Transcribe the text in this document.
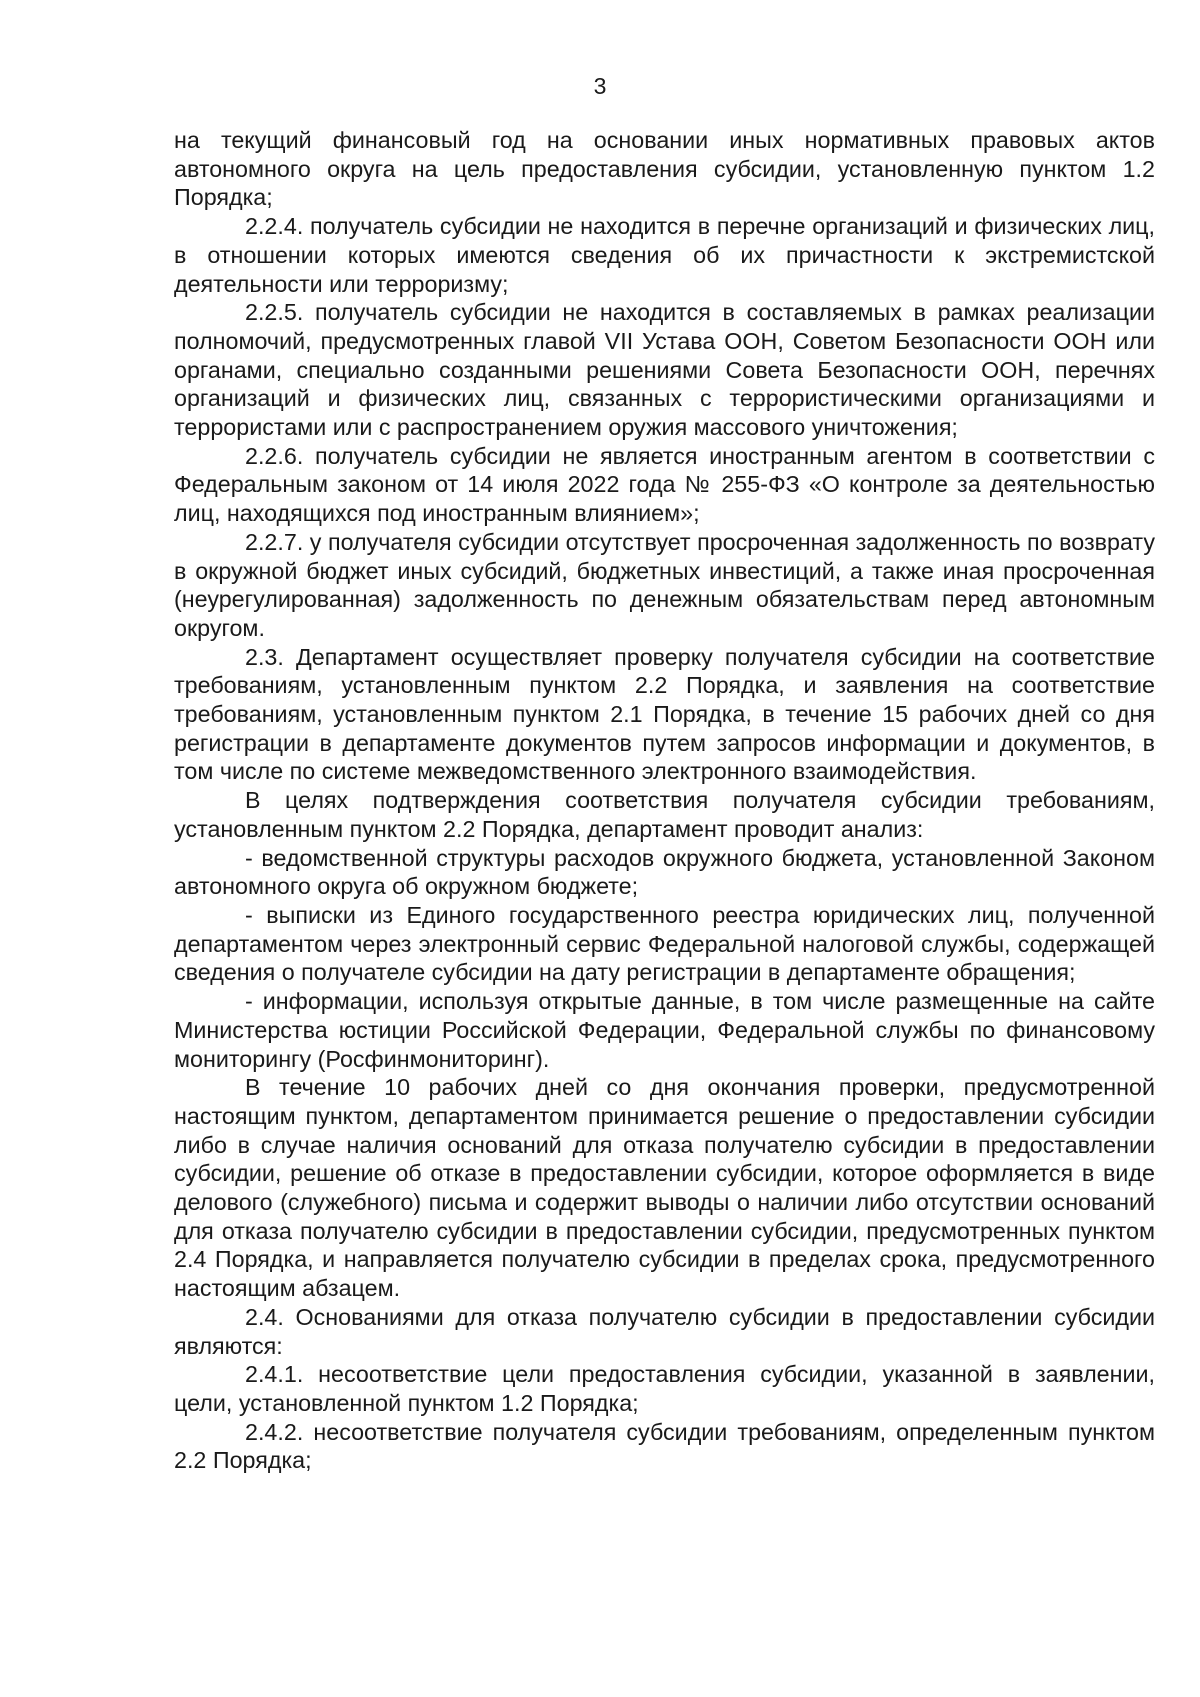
3

на текущий финансовый год на основании иных нормативных правовых актов автономного округа на цель предоставления субсидии, установленную пунктом 1.2 Порядка;

2.2.4. получатель субсидии не находится в перечне организаций и физических лиц, в отношении которых имеются сведения об их причастности к экстремистской деятельности или терроризму;

2.2.5. получатель субсидии не находится в составляемых в рамках реализации полномочий, предусмотренных главой VII Устава ООН, Советом Безопасности ООН или органами, специально созданными решениями Совета Безопасности ООН, перечнях организаций и физических лиц, связанных с террористическими организациями и террористами или с распространением оружия массового уничтожения;

2.2.6. получатель субсидии не является иностранным агентом в соответствии с Федеральным законом от 14 июля 2022 года № 255-ФЗ «О контроле за деятельностью лиц, находящихся под иностранным влиянием»;

2.2.7. у получателя субсидии отсутствует просроченная задолженность по возврату в окружной бюджет иных субсидий, бюджетных инвестиций, а также иная просроченная (неурегулированная) задолженность по денежным обязательствам перед автономным округом.

2.3. Департамент осуществляет проверку получателя субсидии на соответствие требованиям, установленным пунктом 2.2 Порядка, и заявления на соответствие требованиям, установленным пунктом 2.1 Порядка, в течение 15 рабочих дней со дня регистрации в департаменте документов путем запросов информации и документов, в том числе по системе межведомственного электронного взаимодействия.

В целях подтверждения соответствия получателя субсидии требованиям, установленным пунктом 2.2 Порядка, департамент проводит анализ:

- ведомственной структуры расходов окружного бюджета, установленной Законом автономного округа об окружном бюджете;

- выписки из Единого государственного реестра юридических лиц, полученной департаментом через электронный сервис Федеральной налоговой службы, содержащей сведения о получателе субсидии на дату регистрации в департаменте обращения;

- информации, используя открытые данные, в том числе размещенные на сайте Министерства юстиции Российской Федерации, Федеральной службы по финансовому мониторингу (Росфинмониторинг).

В течение 10 рабочих дней со дня окончания проверки, предусмотренной настоящим пунктом, департаментом принимается решение о предоставлении субсидии либо в случае наличия оснований для отказа получателю субсидии в предоставлении субсидии, решение об отказе в предоставлении субсидии, которое оформляется в виде делового (служебного) письма и содержит выводы о наличии либо отсутствии оснований для отказа получателю субсидии в предоставлении субсидии, предусмотренных пунктом 2.4 Порядка, и направляется получателю субсидии в пределах срока, предусмотренного настоящим абзацем.

2.4. Основаниями для отказа получателю субсидии в предоставлении субсидии являются:

2.4.1. несоответствие цели предоставления субсидии, указанной в заявлении, цели, установленной пунктом 1.2 Порядка;

2.4.2. несоответствие получателя субсидии требованиям, определенным пунктом 2.2 Порядка;
